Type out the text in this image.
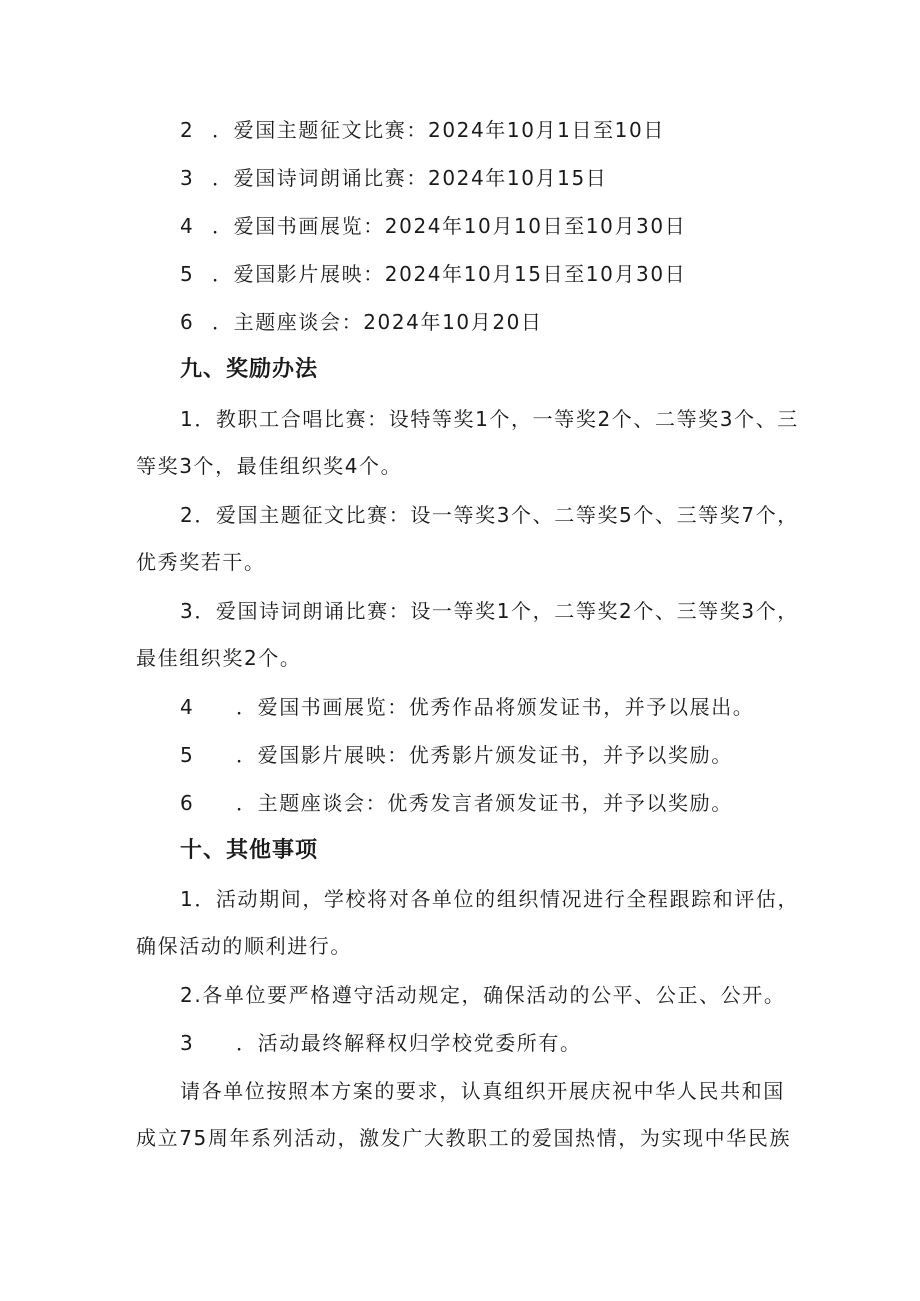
2 ．爱国主题征文比赛：2024年10月1日至10日
3 ．爱国诗词朗诵比赛：2024年10月15日
4 ．爱国书画展览：2024年10月10日至10月30日
5 ．爱国影片展映：2024年10月15日至10月30日
6 ．主题座谈会：2024年10月20日
九、奖励办法
1．教职工合唱比赛：设特等奖1个，一等奖2个、二等奖3个、三
等奖3个，最佳组织奖4个。
2．爱国主题征文比赛：设一等奖3个、二等奖5个、三等奖7个，
优秀奖若干。
3．爱国诗词朗诵比赛：设一等奖1个，二等奖2个、三等奖3个，
最佳组织奖2个。
4 ．爱国书画展览：优秀作品将颁发证书，并予以展出。
5 ．爱国影片展映：优秀影片颁发证书，并予以奖励。
6 ．主题座谈会：优秀发言者颁发证书，并予以奖励。
十、其他事项
1．活动期间，学校将对各单位的组织情况进行全程跟踪和评估，
确保活动的顺利进行。
2.各单位要严格遵守活动规定，确保活动的公平、公正、公开。
3 ．活动最终解释权归学校党委所有。
请各单位按照本方案的要求，认真组织开展庆祝中华人民共和国
成立75周年系列活动，激发广大教职工的爱国热情，为实现中华民族
